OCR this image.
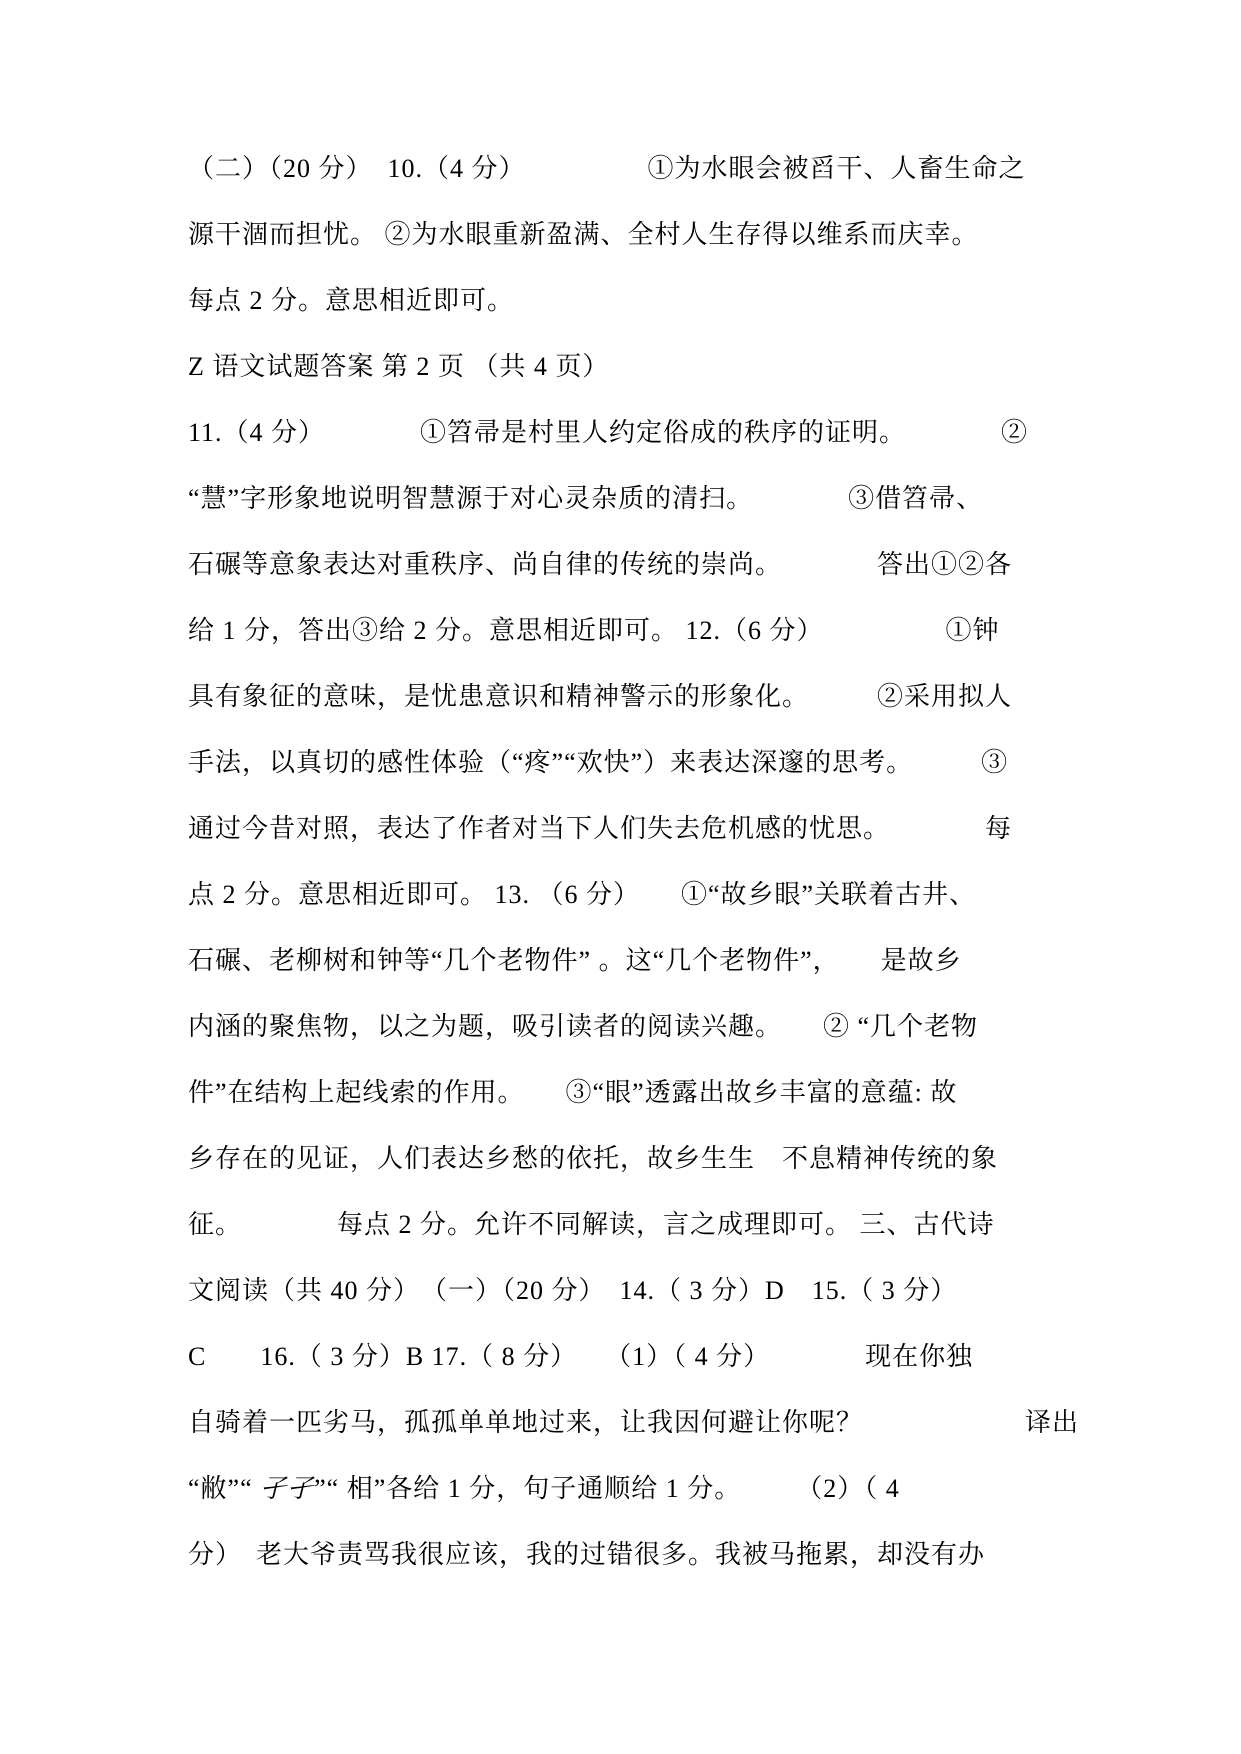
（二）（20 分）  10.（4 分）　　　　　①为水眼会被舀干、人畜生命之
源干涸而担忧。 ②为水眼重新盈满、全村人生存得以维系而庆幸。
每点 2 分。意思相近即可。
Z 语文试题答案 第 2 页 （共 4 页）
11.（4 分）　　　　①笤帚是村里人约定俗成的秩序的证明。　　　　②
“慧”字形象地说明智慧源于对心灵杂质的清扫。　　　　③借笤帚、
石碾等意象表达对重秩序、尚自律的传统的崇尚。　　　　答出①②各
给 1 分，答出③给 2 分。意思相近即可。 12.（6 分）　　　　　①钟
具有象征的意味，是忧患意识和精神警示的形象化。　　　②采用拟人
手法，以真切的感性体验（“疼”“欢快”）来表达深邃的思考。　　　③
通过今昔对照，表达了作者对当下人们失去危机感的忧思。　　　　每
点 2 分。意思相近即可。 13. （6 分）　　①“故乡眼”关联着古井、
石碾、老柳树和钟等“几个老物件” 。这“几个老物件”，　　是故乡
内涵的聚焦物，以之为题，吸引读者的阅读兴趣。　　② “几个老物
件”在结构上起线索的作用。　　③“眼”透露出故乡丰富的意蕴: 故
乡存在的见证，人们表达乡愁的依托，故乡生生　不息精神传统的象
征。　　　　每点 2 分。允许不同解读，言之成理即可。 三、古代诗
文阅读（共 40 分）　（一）（20 分）　14.（ 3 分）D　15.（ 3 分）
C　　16.（ 3 分）B 17.（ 8 分）　　（1）（ 4 分）　　　　现在你独
自骑着一匹劣马，孤孤单单地过来，让我因何避让你呢？　　　　　　译出
“敝”“ 孑孑”“ 相”各给 1 分，句子通顺给 1 分。　　　（2）（ 4
分）　老大爷责骂我很应该，我的过错很多。我被马拖累，却没有办
